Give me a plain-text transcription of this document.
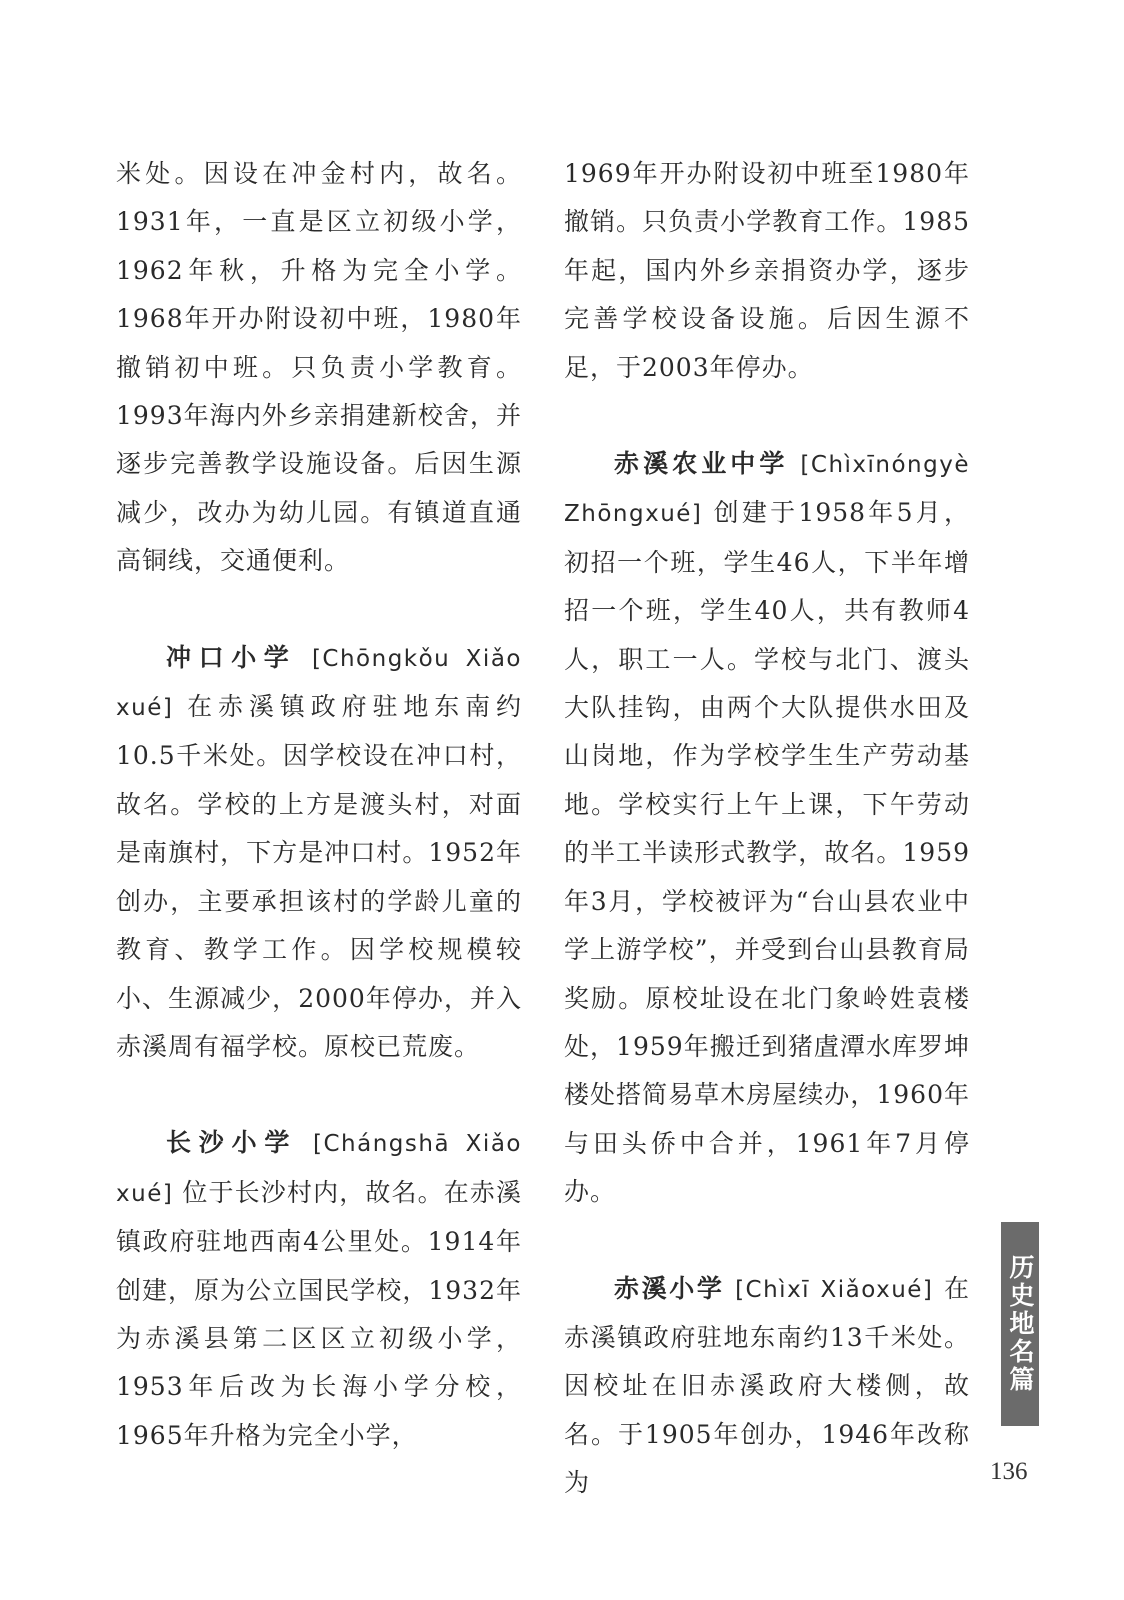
米处。因设在冲金村内，故名。1931年，一直是区立初级小学，1962年秋，升格为完全小学。1968年开办附设初中班，1980年撤销初中班。只负责小学教育。1993年海内外乡亲捐建新校舍，并逐步完善教学设施设备。后因生源减少，改办为幼儿园。有镇道直通高铜线，交通便利。

冲口小学 [Chōngkǒu Xiǎo xué] 在赤溪镇政府驻地东南约10.5千米处。因学校设在冲口村，故名。学校的上方是渡头村，对面是南旗村，下方是冲口村。1952年创办，主要承担该村的学龄儿童的教育、教学工作。因学校规模较小、生源减少，2000年停办，并入赤溪周有福学校。原校已荒废。

长沙小学 [Chángshā Xiǎo xué] 位于长沙村内，故名。在赤溪镇政府驻地西南4公里处。1914年创建，原为公立国民学校，1932年为赤溪县第二区区立初级小学，1953年后改为长海小学分校，1965年升格为完全小学，

1969年开办附设初中班至1980年撤销。只负责小学教育工作。1985年起，国内外乡亲捐资办学，逐步完善学校设备设施。后因生源不足，于2003年停办。

赤溪农业中学 [Chìxīnóngyè Zhōngxué] 创建于1958年5月，初招一个班，学生46人，下半年增招一个班，学生40人，共有教师4人，职工一人。学校与北门、渡头大队挂钩，由两个大队提供水田及山岗地，作为学校学生生产劳动基地。学校实行上午上课，下午劳动的半工半读形式教学，故名。1959年3月，学校被评为“台山县农业中学上游学校”，并受到台山县教育局奖励。原校址设在北门象岭姓袁楼处，1959年搬迁到猪虘潭水库罗坤楼处搭简易草木房屋续办，1960年与田头侨中合并，1961年7月停办。

赤溪小学 [Chìxī Xiǎoxué] 在赤溪镇政府驻地东南约13千米处。因校址在旧赤溪政府大楼侧，故名。于1905年创办，1946年改称为

历史地名篇
136
